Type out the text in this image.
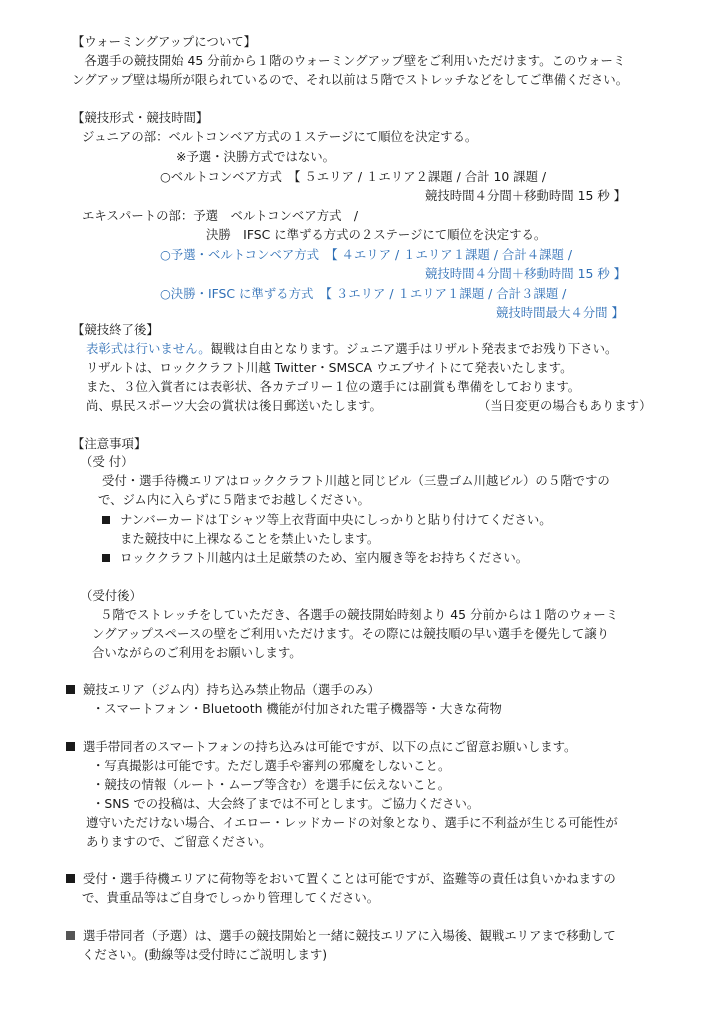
【ウォーミングアップについて】
　各選手の競技開始 45 分前から１階のウォーミングアップ壁をご利用いただけます。このウォーミ
ングアップ壁は場所が限られているので、それ以前は５階でストレッチなどをしてご準備ください。
【競技形式・競技時間】
ジュニアの部：ベルトコンベア方式の１ステージにて順位を決定する。
※予選・決勝方式ではない。
○ベルトコンベア方式　【 ５エリア / １エリア２課題 / 合計 10 課題 /
競技時間４分間＋移動時間 15 秒 】
エキスパートの部：予選　ベルトコンベア方式　/
決勝　IFSC に準ずる方式の２ステージにて順位を決定する。
○予選・ベルトコンベア方式　【 ４エリア / １エリア１課題 / 合計４課題 /
競技時間４分間＋移動時間 15 秒 】
○決勝・IFSC に準ずる方式　【 ３エリア / １エリア１課題 / 合計３課題 /
競技時間最大４分間 】
【競技終了後】
表彰式は行いません。観戦は自由となります。ジュニア選手はリザルト発表までお残り下さい。
リザルトは、ロッククラフト川越 Twitter・SMSCA ウエブサイトにて発表いたします。
また、３位入賞者には表彰状、各カテゴリー１位の選手には副賞も準備をしております。
尚、県民スポーツ大会の賞状は後日郵送いたします。	（当日変更の場合もあります）
【注意事項】
（受 付）
受付・選手待機エリアはロッククラフト川越と同じビル（三豊ゴム川越ビル）の５階ですの
で、ジム内に入らずに５階までお越しください。
ナンバーカードはＴシャツ等上衣背面中央にしっかりと貼り付けてください。
また競技中に上裸なることを禁止いたします。
ロッククラフト川越内は土足厳禁のため、室内履き等をお持ちください。
（受付後）
５階でストレッチをしていただき、各選手の競技開始時刻より 45 分前からは１階のウォーミ
ングアップスペースの壁をご利用いただけます。その際には競技順の早い選手を優先して譲り
合いながらのご利用をお願いします。
競技エリア（ジム内）持ち込み禁止物品（選手のみ）
・スマートフォン・Bluetooth 機能が付加された電子機器等・大きな荷物
選手帯同者のスマートフォンの持ち込みは可能ですが、以下の点にご留意お願いします。
・写真撮影は可能です。ただし選手や審判の邪魔をしないこと。
・競技の情報（ルート・ムーブ等含む）を選手に伝えないこと。
・SNS での投稿は、大会終了までは不可とします。ご協力ください。
遵守いただけない場合、イエロー・レッドカードの対象となり、選手に不利益が生じる可能性が
ありますので、ご留意ください。
受付・選手待機エリアに荷物等をおいて置くことは可能ですが、盗難等の責任は負いかねますの
で、貴重品等はご自身でしっかり管理してください。
選手帯同者（予選）は、選手の競技開始と一緒に競技エリアに入場後、観戦エリアまで移動して
ください。(動線等は受付時にご説明します)
